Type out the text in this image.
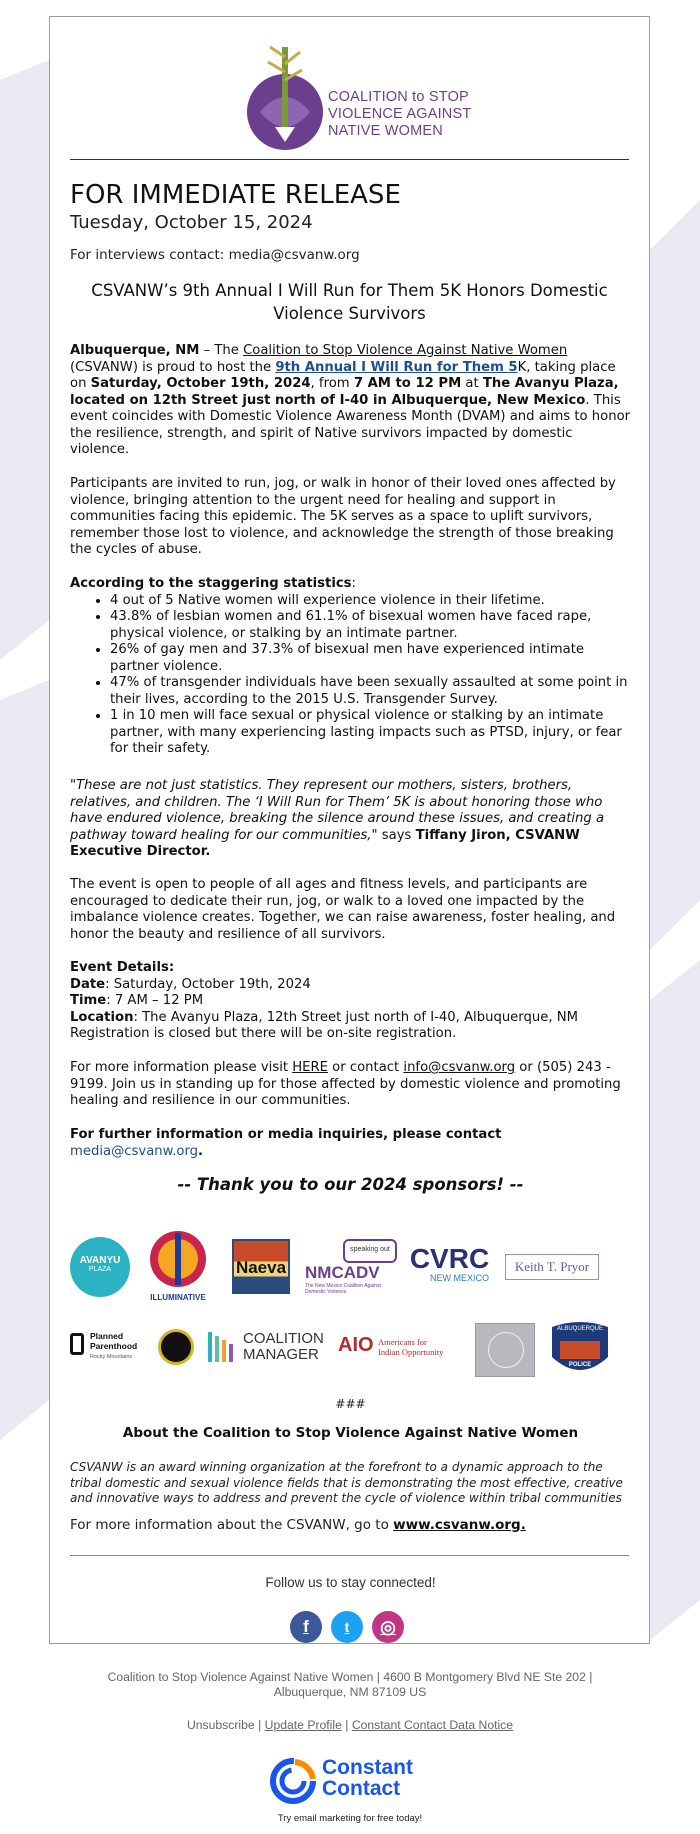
COALITION to STOP
VIOLENCE AGAINST
NATIVE WOMEN
FOR IMMEDIATE RELEASE
Tuesday, October 15, 2024
For interviews contact: media@csvanw.org
CSVANW’s 9th Annual I Will Run for Them 5K Honors Domestic Violence Survivors
Albuquerque, NM – The Coalition to Stop Violence Against Native Women (CSVANW) is proud to host the 9th Annual I Will Run for Them 5K, taking place on Saturday, October 19th, 2024, from 7 AM to 12 PM at The Avanyu Plaza, located on 12th Street just north of I-40 in Albuquerque, New Mexico. This event coincides with Domestic Violence Awareness Month (DVAM) and aims to honor the resilience, strength, and spirit of Native survivors impacted by domestic violence.
Participants are invited to run, jog, or walk in honor of their loved ones affected by violence, bringing attention to the urgent need for healing and support in communities facing this epidemic. The 5K serves as a space to uplift survivors, remember those lost to violence, and acknowledge the strength of those breaking the cycles of abuse.
According to the staggering statistics:
• 4 out of 5 Native women will experience violence in their lifetime.
• 43.8% of lesbian women and 61.1% of bisexual women have faced rape, physical violence, or stalking by an intimate partner.
• 26% of gay men and 37.3% of bisexual men have experienced intimate partner violence.
• 47% of transgender individuals have been sexually assaulted at some point in their lives, according to the 2015 U.S. Transgender Survey.
• 1 in 10 men will face sexual or physical violence or stalking by an intimate partner, with many experiencing lasting impacts such as PTSD, injury, or fear for their safety.
"These are not just statistics. They represent our mothers, sisters, brothers, relatives, and children. The ‘I Will Run for Them’ 5K is about honoring those who have endured violence, breaking the silence around these issues, and creating a pathway toward healing for our communities," says Tiffany Jiron, CSVANW Executive Director.
The event is open to people of all ages and fitness levels, and participants are encouraged to dedicate their run, jog, or walk to a loved one impacted by the imbalance violence creates. Together, we can raise awareness, foster healing, and honor the beauty and resilience of all survivors.
Event Details:
Date: Saturday, October 19th, 2024
Time: 7 AM – 12 PM
Location: The Avanyu Plaza, 12th Street just north of I-40, Albuquerque, NM
Registration is closed but there will be on-site registration.
For more information please visit HERE or contact info@csvanw.org or (505) 243 - 9199. Join us in standing up for those affected by domestic violence and promoting healing and resilience in our communities.
For further information or media inquiries, please contact media@csvanw.org.
-- Thank you to our 2024 sponsors! --
AVANYU
PLAZA
ILLUMINATIVE
Naeva
speaking out
NMCADV
The New Mexico Coalition Against Domestic Violence
CVRC
NEW MEXICO
Keith T. Pryor
Planned Parenthood
Rocky Mountains
COALITION
MANAGER AIO Americans for
Indian Opportunity
ALBUQUERQUE
POLICE
###
About the Coalition to Stop Violence Against Native Women
CSVANW is an award winning organization at the forefront to a dynamic approach to the tribal domestic and sexual violence fields that is demonstrating the most effective, creative and innovative ways to address and prevent the cycle of violence within tribal communities
For more information about the CSVANW, go to www.csvanw.org.
Follow us to stay connected!
f	t	◎
Coalition to Stop Violence Against Native Women | 4600 B Montgomery Blvd NE Ste 202 |
Albuquerque, NM 87109 US
Unsubscribe | Update Profile | Constant Contact Data Notice
Constant
Contact
Try email marketing for free today!
